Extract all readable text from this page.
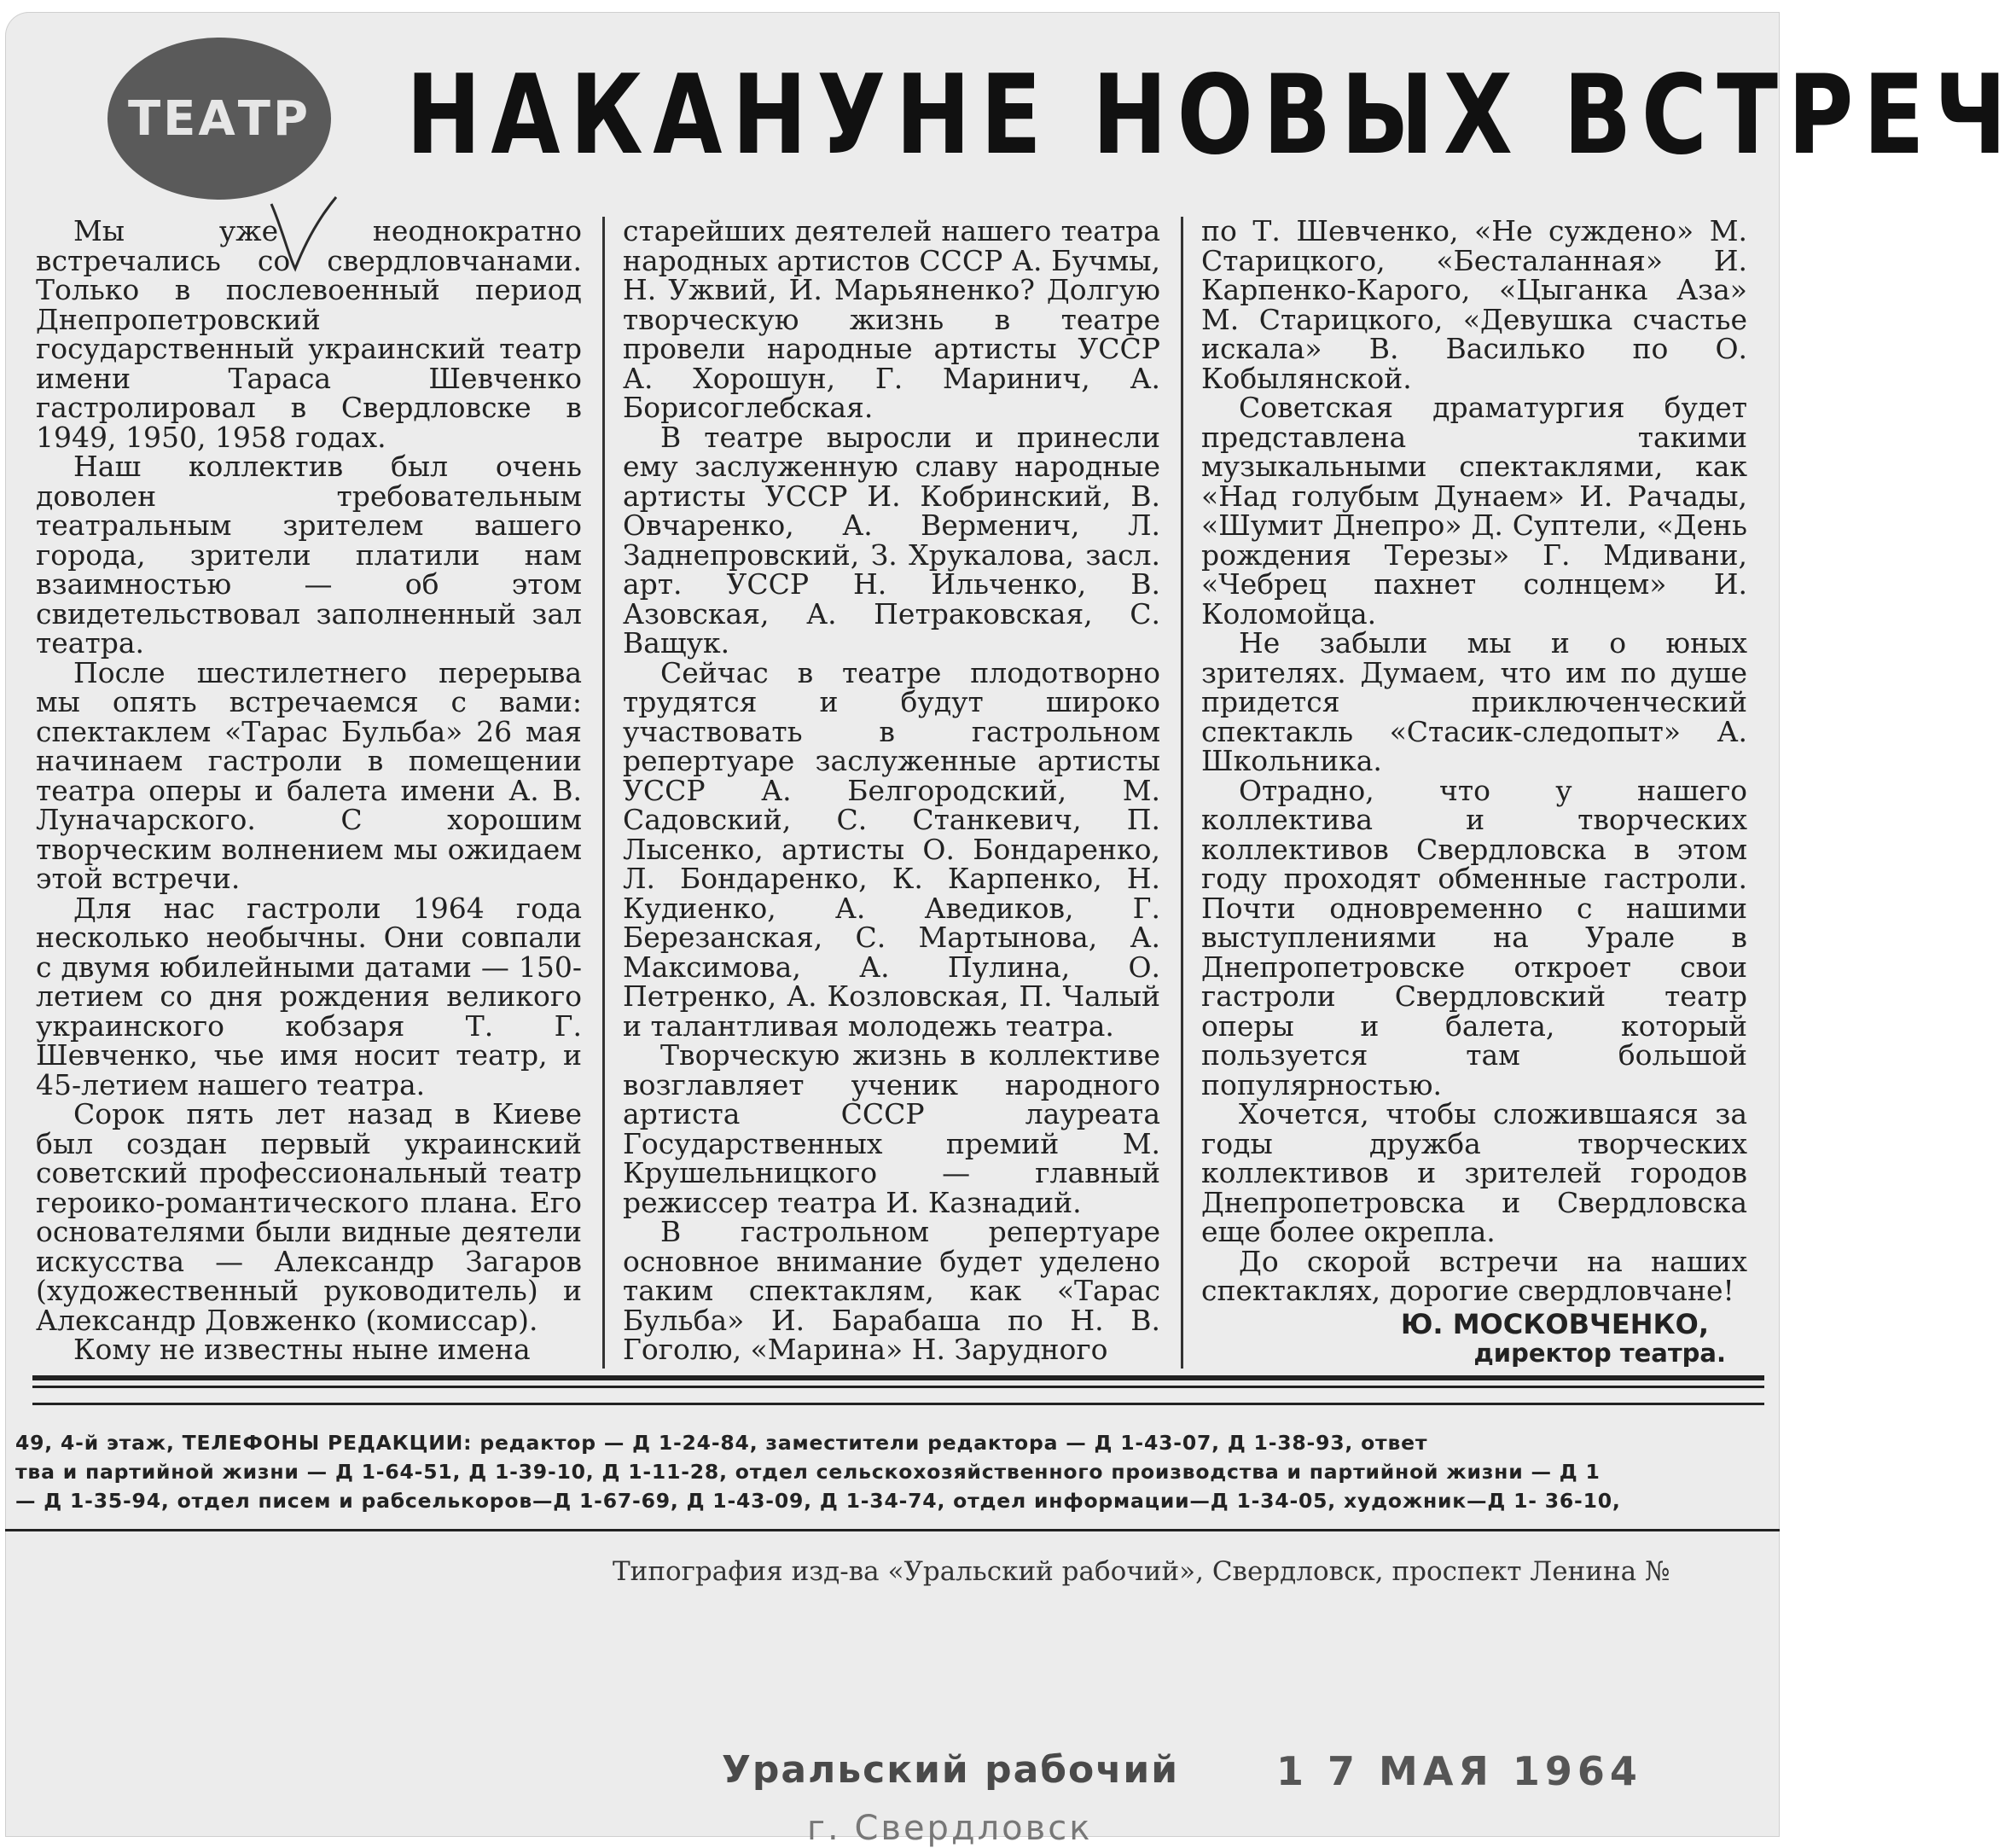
ТЕАТР НАКАНУНЕ НОВЫХ ВСТРЕЧ

Мы уже неоднократно встречались со свердловчанами. Только в послевоенный период Днепропетровский государственный украинский театр имени Тараса Шевченко гастролировал в Свердловске в 1949, 1950, 1958 годах.

Наш коллектив был очень доволен требовательным театральным зрителем вашего города, зрители платили нам взаимностью — об этом свидетельствовал заполненный зал театра.

После шестилетнего перерыва мы опять встречаемся с вами: спектаклем «Тарас Бульба» 26 мая начинаем гастроли в помещении театра оперы и балета имени А. В. Луначарского. С хорошим творческим волнением мы ожидаем этой встречи.

Для нас гастроли 1964 года несколько необычны. Они совпали с двумя юбилейными датами — 150-летием со дня рождения великого украинского кобзаря Т. Г. Шевченко, чье имя носит театр, и 45-летием нашего театра.

Сорок пять лет назад в Киеве был создан первый украинский советский профессиональный театр героико-романтического плана. Его основателями были видные деятели искусства — Александр Загаров (художественный руководитель) и Александр Довженко (комиссар).

Кому не известны ныне имена

старейших деятелей нашего театра народных артистов СССР А. Бучмы, Н. Ужвий, И. Марьяненко? Долгую творческую жизнь в театре провели народные артисты УССР А. Хорошун, Г. Маринич, А. Борисоглебская.

В театре выросли и принесли ему заслуженную славу народные артисты УССР И. Кобринский, В. Овчаренко, А. Верменич, Л. Заднепровский, З. Хрукалова, засл. арт. УССР Н. Ильченко, В. Азовская, А. Петраковская, С. Ващук.

Сейчас в театре плодотворно трудятся и будут широко участвовать в гастрольном репертуаре заслуженные артисты УССР А. Белгородский, М. Садовский, С. Станкевич, П. Лысенко, артисты О. Бондаренко, Л. Бондаренко, К. Карпенко, Н. Кудиенко, А. Аведиков, Г. Березанская, С. Мартынова, А. Максимова, А. Пулина, О. Петренко, А. Козловская, П. Чалый и талантливая молодежь театра.

Творческую жизнь в коллективе возглавляет ученик народного артиста СССР лауреата Государственных премий М. Крушельницкого — главный режиссер театра И. Казнадий.

В гастрольном репертуаре основное внимание будет уделено таким спектаклям, как «Тарас Бульба» И. Барабаша по Н. В. Гоголю, «Марина» Н. Зарудного

по Т. Шевченко, «Не суждено» М. Старицкого, «Бесталанная» И. Карпенко-Карого, «Цыганка Аза» М. Старицкого, «Девушка счастье искала» В. Василько по О. Кобылянской.

Советская драматургия будет представлена такими музыкальными спектаклями, как «Над голубым Дунаем» И. Рачады, «Шумит Днепро» Д. Суптели, «День рождения Терезы» Г. Мдивани, «Чебрец пахнет солнцем» И. Коломойца.

Не забыли мы и о юных зрителях. Думаем, что им по душе придется приключенческий спектакль «Стасик-следопыт» А. Школьника.

Отрадно, что у нашего коллектива и творческих коллективов Свердловска в этом году проходят обменные гастроли. Почти одновременно с нашими выступлениями на Урале в Днепропетровске откроет свои гастроли Свердловский театр оперы и балета, который пользуется там большой популярностью.

Хочется, чтобы сложившаяся за годы дружба творческих коллективов и зрителей городов Днепропетровска и Свердловска еще более окрепла.

До скорой встречи на наших спектаклях, дорогие свердловчане!

Ю. МОСКОВЧЕНКО,
директор театра.
49, 4-й этаж, ТЕЛЕФОНЫ РЕДАКЦИИ: редактор — Д 1-24-84, заместители редактора — Д 1-43-07, Д 1-38-93, ответ
тва и партийной жизни — Д 1-64-51, Д 1-39-10, Д 1-11-28, отдел сельскохозяйственного производства и партийной жизни — Д 1
— Д 1-35-94, отдел писем и рабселькоров—Д 1-67-69, Д 1-43-09, Д 1-34-74, отдел информации—Д 1-34-05, художник—Д 1- 36-10,
Типография изд-ва «Уральский рабочий», Свердловск, проспект Ленина №
Уральский рабочий 1 7 МАЯ 1964
г. Свердловск
